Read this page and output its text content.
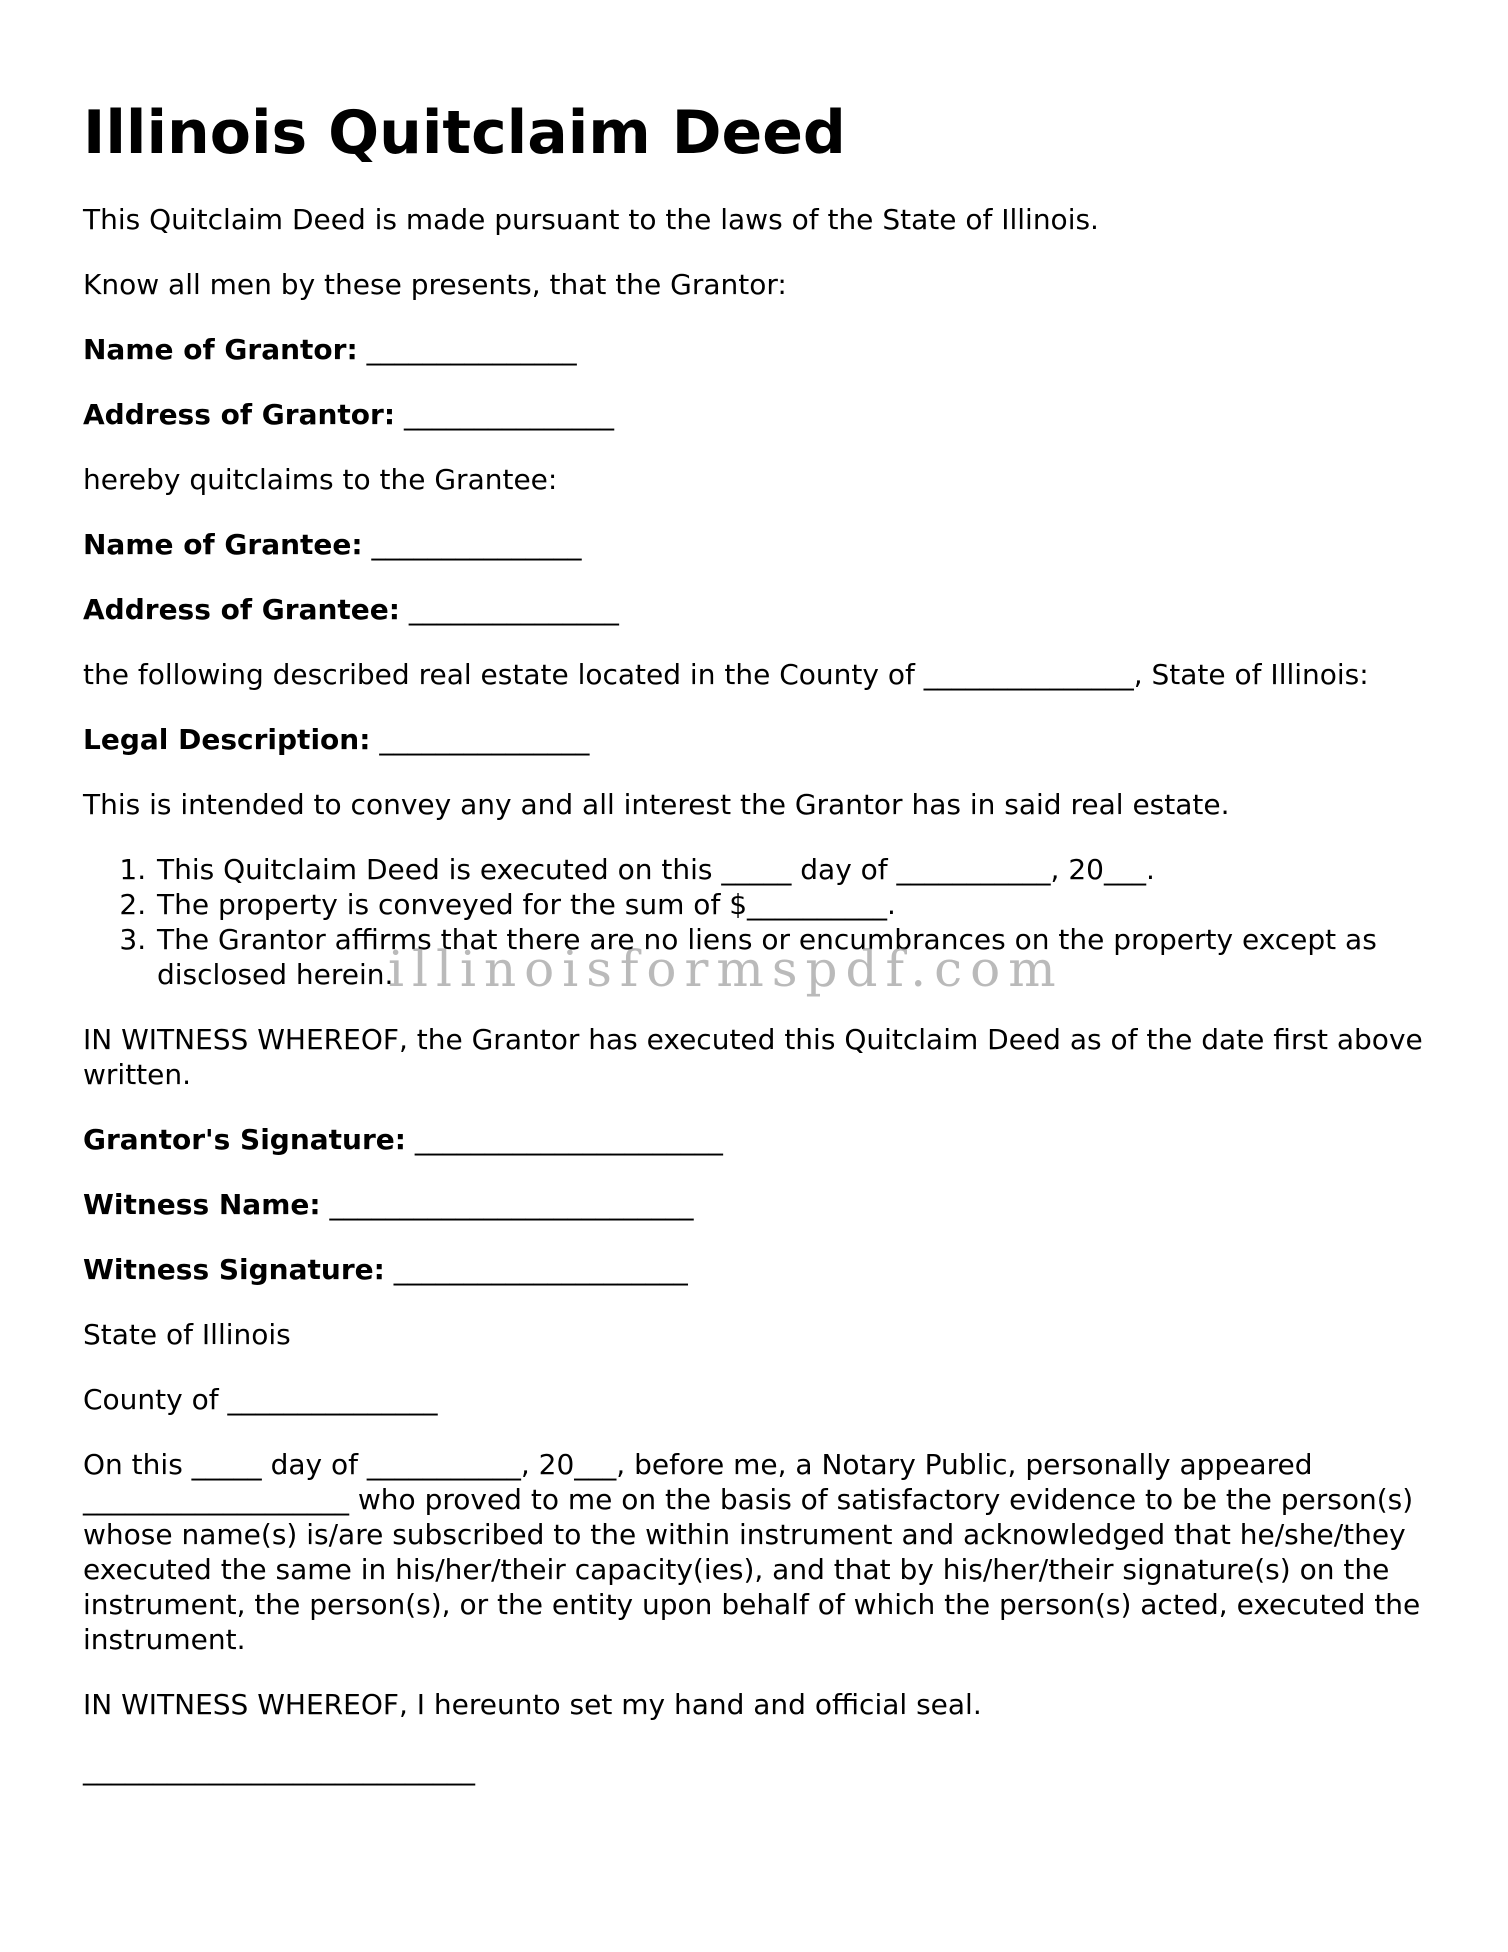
Illinois Quitclaim Deed

This Quitclaim Deed is made pursuant to the laws of the State of Illinois.

Know all men by these presents, that the Grantor:

Name of Grantor: _______________

Address of Grantor: _______________

hereby quitclaims to the Grantee:

Name of Grantee: _______________

Address of Grantee: _______________

the following described real estate located in the County of _______________, State of Illinois:

Legal Description: _______________

This is intended to convey any and all interest the Grantor has in said real estate.

1. This Quitclaim Deed is executed on this _____ day of ___________, 20___.
2. The property is conveyed for the sum of $__________.
3. The Grantor affirms that there are no liens or encumbrances on the property except as disclosed herein.

IN WITNESS WHEREOF, the Grantor has executed this Quitclaim Deed as of the date first above written.

Grantor's Signature: ______________________

Witness Name: __________________________

Witness Signature: _____________________

State of Illinois

County of _______________

On this _____ day of ___________, 20___, before me, a Notary Public, personally appeared ___________________ who proved to me on the basis of satisfactory evidence to be the person(s) whose name(s) is/are subscribed to the within instrument and acknowledged that he/she/they executed the same in his/her/their capacity(ies), and that by his/her/their signature(s) on the instrument, the person(s), or the entity upon behalf of which the person(s) acted, executed the instrument.

IN WITNESS WHEREOF, I hereunto set my hand and official seal.

____________________________

illinoisformspdf.com
